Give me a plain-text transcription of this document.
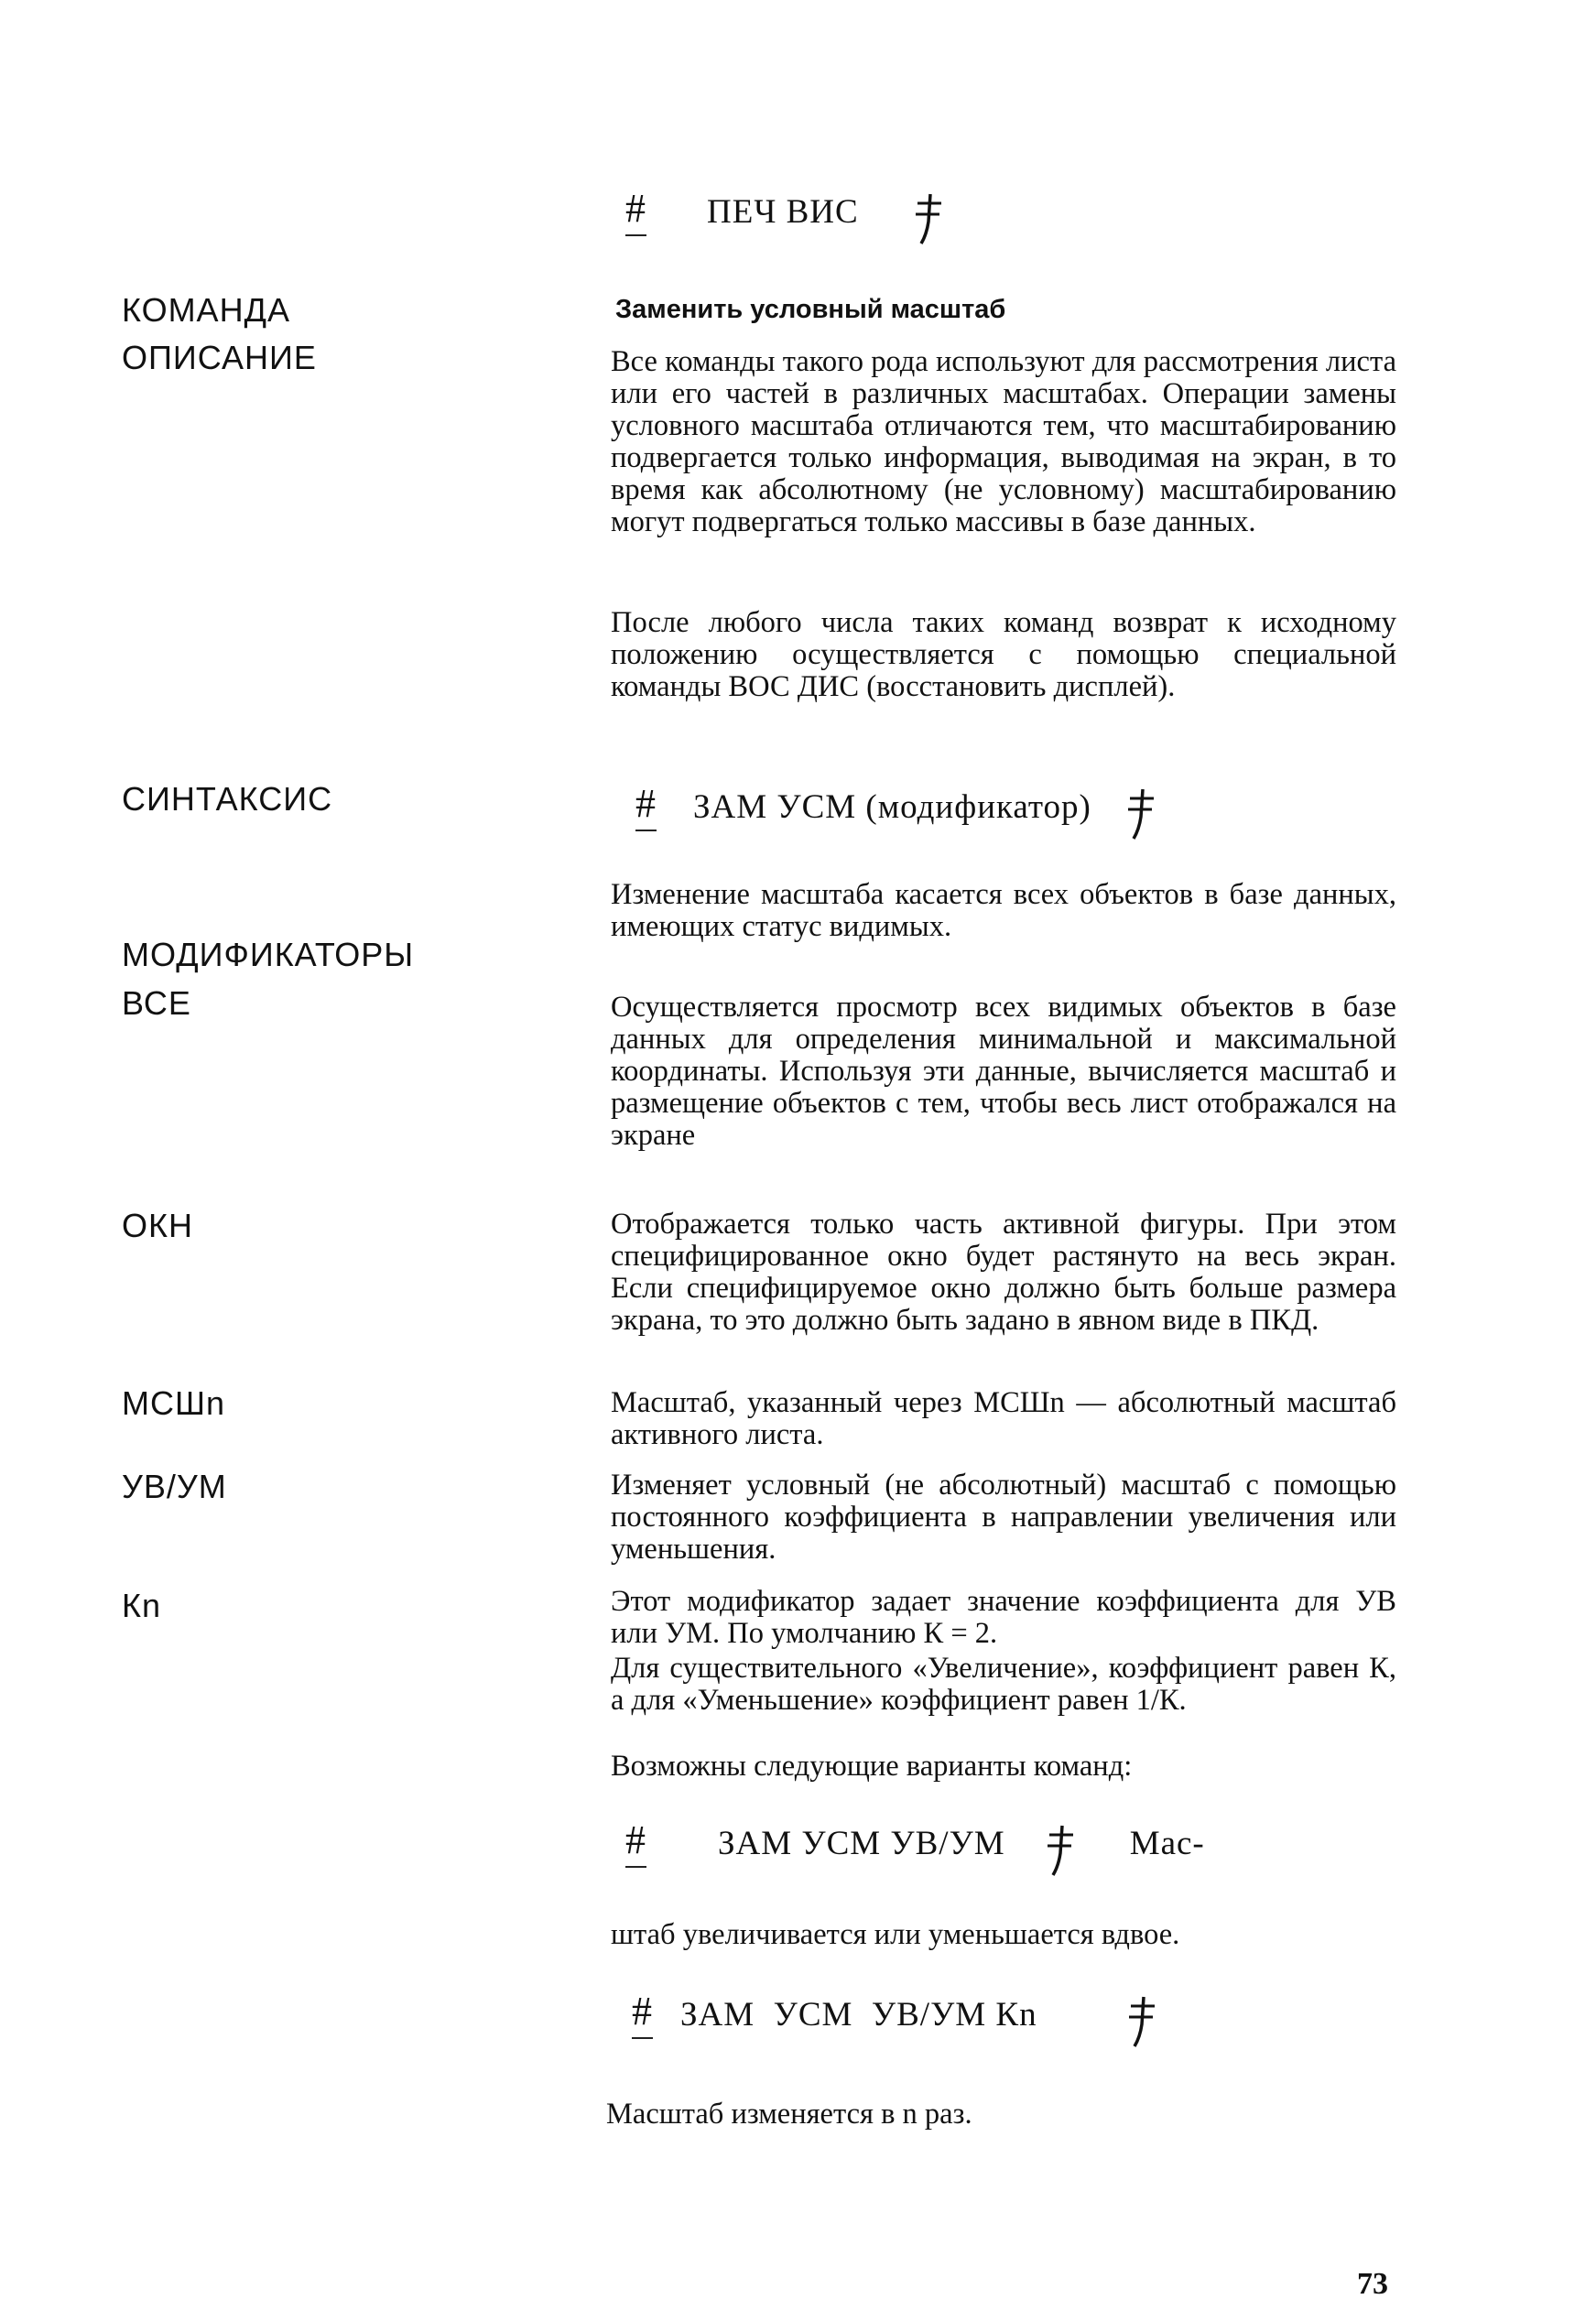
# ПЕЧ ВИС
КОМАНДА
ОПИСАНИЕ
СИНТАКСИС
МОДИФИКАТОРЫ
ВСЕ
ОКН
МСШn
УВ/УМ
Кn
Заменить условный масштаб

Все команды такого рода используют для рассмотрения листа или его частей в различных масштабах. Операции замены условного масштаба отличаются тем, что масштабированию подвергается только информация, выводимая на экран, в то время как абсолютному (не условному) масштабированию могут подвергаться только массивы в базе данных.

После любого числа таких команд возврат к исходному положению осуществляется с помощью специальной команды ВОС ДИС (восстановить дисплей).

# ЗАМ УСМ (модификатор)

Изменение масштаба касается всех объектов в базе данных, имеющих статус видимых.

Осуществляется просмотр всех видимых объектов в базе данных для определения минимальной и максимальной координаты. Используя эти данные, вычисляется масштаб и размещение объектов с тем, чтобы весь лист отображался на экране

Отображается только часть активной фигуры. При этом специфицированное окно будет растянуто на весь экран. Если специфицируемое окно должно быть больше размера экрана, то это должно быть задано в явном виде в ПКД.

Масштаб, указанный через МСШn — абсолютный масштаб активного листа.

Изменяет условный (не абсолютный) масштаб с помощью постоянного коэффициента в направлении увеличения или уменьшения.

Этот модификатор задает значение коэффициента для УВ или УМ. По умолчанию К = 2.

Для существительного «Увеличение», коэффициент равен К, а для «Уменьшение» коэффициент равен 1/К.

Возможны следующие варианты команд:

# ЗАМ УСМ УВ/УМ	Мас-
штаб увеличивается или уменьшается вдвое.
# ЗАМ  УСМ  УВ/УМ Кn
Масштаб изменяется в n раз.
73
